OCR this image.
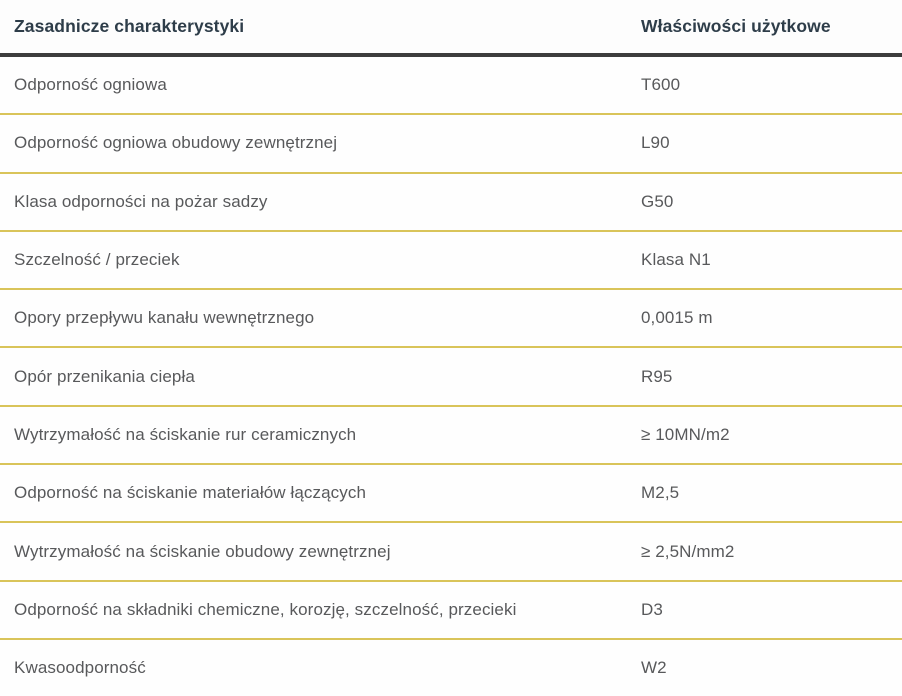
Zasadnicze charakterystyki	Właściwości użytkowe
Odporność ogniowa	T600
Odporność ogniowa obudowy zewnętrznej	L90
Klasa odporności na pożar sadzy	G50
Szczelność / przeciek	Klasa N1
Opory przepływu kanału wewnętrznego	0,0015 m
Opór przenikania ciepła	R95
Wytrzymałość na ściskanie rur ceramicznych	≥ 10MN/m2
Odporność na ściskanie materiałów łączących	M2,5
Wytrzymałość na ściskanie obudowy zewnętrznej	≥ 2,5N/mm2
Odporność na składniki chemiczne, korozję, szczelność, przecieki	D3
Kwasoodporność	W2
